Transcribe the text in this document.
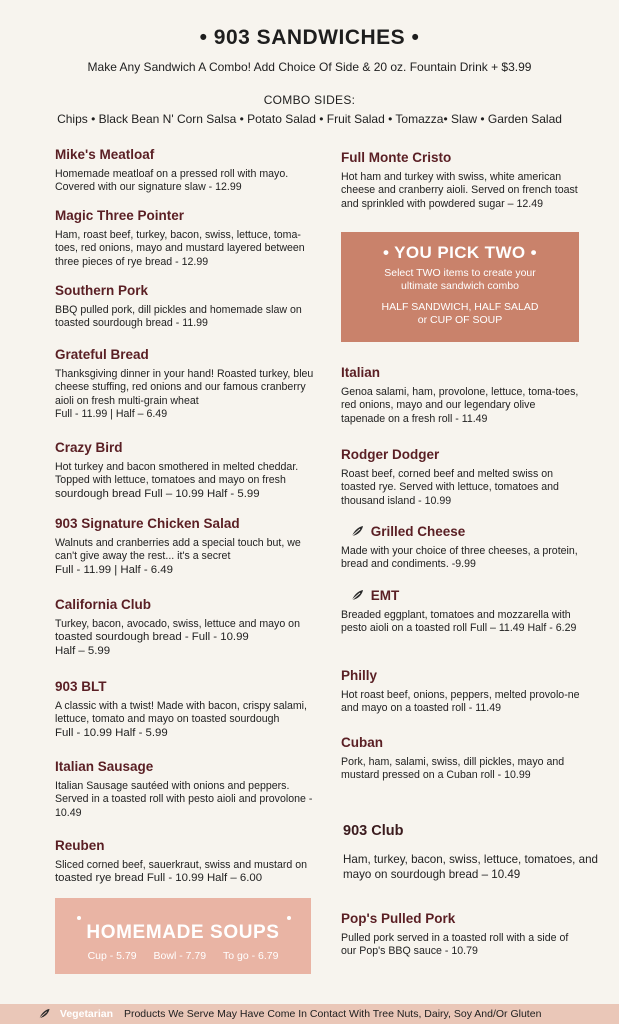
• 903 SANDWICHES •
Make Any Sandwich A Combo! Add Choice Of Side & 20 oz. Fountain Drink + $3.99
COMBO SIDES:
Chips • Black Bean N' Corn Salsa • Potato Salad • Fruit Salad • Tomazza• Slaw • Garden Salad
Mike's Meatloaf
Homemade meatloaf on a pressed roll with mayo. Covered with our signature slaw - 12.99
Magic Three Pointer
Ham, roast beef, turkey, bacon, swiss, lettuce, toma-toes, red onions, mayo and mustard layered between three pieces of rye bread - 12.99
Southern Pork
BBQ pulled pork, dill pickles and homemade slaw on toasted sourdough bread - 11.99
Grateful Bread
Thanksgiving dinner in your hand! Roasted turkey, bleu cheese stuffing, red onions and our famous cranberry aioli on fresh multi-grain wheat
Full - 11.99 | Half – 6.49
Crazy Bird
Hot turkey and bacon smothered in melted cheddar. Topped with lettuce, tomatoes and mayo on fresh
sourdough bread Full – 10.99 Half - 5.99
903 Signature Chicken Salad
Walnuts and cranberries add a special touch but, we can't give away the rest... it's a secret
Full - 11.99 | Half - 6.49
California Club
Turkey, bacon, avocado, swiss, lettuce and mayo on
toasted sourdough bread - Full - 10.99
Half – 5.99
903 BLT
A classic with a twist! Made with bacon, crispy salami, lettuce, tomato and mayo on toasted sourdough
Full - 10.99 Half - 5.99
Italian Sausage
Italian Sausage sautéed with onions and peppers. Served in a toasted roll with pesto aioli and provolone - 10.49
Reuben
Sliced corned beef, sauerkraut, swiss and mustard on
toasted rye bread Full - 10.99 Half – 6.00
HOMEMADE SOUPS
Cup - 5.79 Bowl - 7.79 To go - 6.79
Full Monte Cristo
Hot ham and turkey with swiss, white american cheese and cranberry aioli. Served on french toast and sprinkled with powdered sugar – 12.49
• YOU PICK TWO •
Select TWO items to create your
ultimate sandwich combo
HALF SANDWICH, HALF SALAD
or CUP OF SOUP
Italian
Genoa salami, ham, provolone, lettuce, toma-toes, red onions, mayo and our legendary olive tapenade on a fresh roll - 11.49
Rodger Dodger
Roast beef, corned beef and melted swiss on toasted rye. Served with lettuce, tomatoes and thousand island - 10.99
Grilled Cheese
Made with your choice of three cheeses, a protein, bread and condiments. -9.99
EMT
Breaded eggplant, tomatoes and mozzarella with pesto aioli on a toasted roll Full – 11.49 Half - 6.29
Philly
Hot roast beef, onions, peppers, melted provolo-ne and mayo on a toasted roll - 11.49
Cuban
Pork, ham, salami, swiss, dill pickles, mayo and mustard pressed on a Cuban roll - 10.99
903 Club
Ham, turkey, bacon, swiss, lettuce, tomatoes, and mayo on sourdough bread – 10.49
Pop's Pulled Pork
Pulled pork served in a toasted roll with a side of our Pop's BBQ sauce - 10.79
Vegetarian Products We Serve May Have Come In Contact With Tree Nuts, Dairy, Soy And/Or Gluten
